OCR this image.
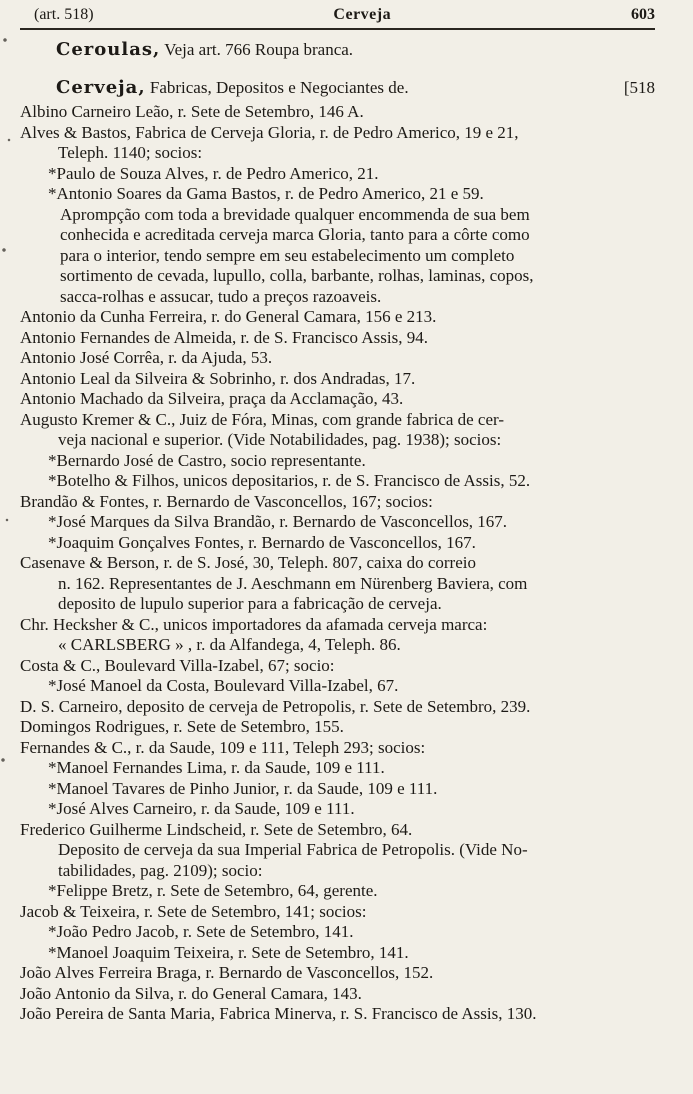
(art. 518)	Cerveja	603
Ceroulas, Veja art. 766 Roupa branca.
Cerveja, Fabricas, Depositos e Negociantes de.	[518
Albino Carneiro Leão, r. Sete de Setembro, 146 A.
Alves & Bastos, Fabrica de Cerveja Gloria, r. de Pedro Americo, 19 e 21,
Teleph. 1140; socios:
*Paulo de Souza Alves, r. de Pedro Americo, 21.
*Antonio Soares da Gama Bastos, r. de Pedro Americo, 21 e 59.
Aprompção com toda a brevidade qualquer encommenda de sua bem
conhecida e acreditada cerveja marca Gloria, tanto para a côrte como
para o interior, tendo sempre em seu estabelecimento um completo
sortimento de cevada, lupullo, colla, barbante, rolhas, laminas, copos,
sacca-rolhas e assucar, tudo a preços razoaveis.
Antonio da Cunha Ferreira, r. do General Camara, 156 e 213.
Antonio Fernandes de Almeida, r. de S. Francisco Assis, 94.
Antonio José Corrêa, r. da Ajuda, 53.
Antonio Leal da Silveira & Sobrinho, r. dos Andradas, 17.
Antonio Machado da Silveira, praça da Acclamação, 43.
Augusto Kremer & C., Juiz de Fóra, Minas, com grande fabrica de cer-
veja nacional e superior. (Vide Notabilidades, pag. 1938); socios:
*Bernardo José de Castro, socio representante.
*Botelho & Filhos, unicos depositarios, r. de S. Francisco de Assis, 52.
Brandão & Fontes, r. Bernardo de Vasconcellos, 167; socios:
*José Marques da Silva Brandão, r. Bernardo de Vasconcellos, 167.
*Joaquim Gonçalves Fontes, r. Bernardo de Vasconcellos, 167.
Casenave & Berson, r. de S. José, 30, Teleph. 807, caixa do correio
n. 162. Representantes de J. Aeschmann em Nürenberg Baviera, com
deposito de lupulo superior para a fabricação de cerveja.
Chr. Hecksher & C., unicos importadores da afamada cerveja marca:
« CARLSBERG » , r. da Alfandega, 4, Teleph. 86.
Costa & C., Boulevard Villa-Izabel, 67; socio:
*José Manoel da Costa, Boulevard Villa-Izabel, 67.
D. S. Carneiro, deposito de cerveja de Petropolis, r. Sete de Setembro, 239.
Domingos Rodrigues, r. Sete de Setembro, 155.
Fernandes & C., r. da Saude, 109 e 111, Teleph 293; socios:
*Manoel Fernandes Lima, r. da Saude, 109 e 111.
*Manoel Tavares de Pinho Junior, r. da Saude, 109 e 111.
*José Alves Carneiro, r. da Saude, 109 e 111.
Frederico Guilherme Lindscheid, r. Sete de Setembro, 64.
Deposito de cerveja da sua Imperial Fabrica de Petropolis. (Vide No-
tabilidades, pag. 2109); socio:
*Felippe Bretz, r. Sete de Setembro, 64, gerente.
Jacob & Teixeira, r. Sete de Setembro, 141; socios:
*João Pedro Jacob, r. Sete de Setembro, 141.
*Manoel Joaquim Teixeira, r. Sete de Setembro, 141.
João Alves Ferreira Braga, r. Bernardo de Vasconcellos, 152.
João Antonio da Silva, r. do General Camara, 143.
João Pereira de Santa Maria, Fabrica Minerva, r. S. Francisco de Assis, 130.
